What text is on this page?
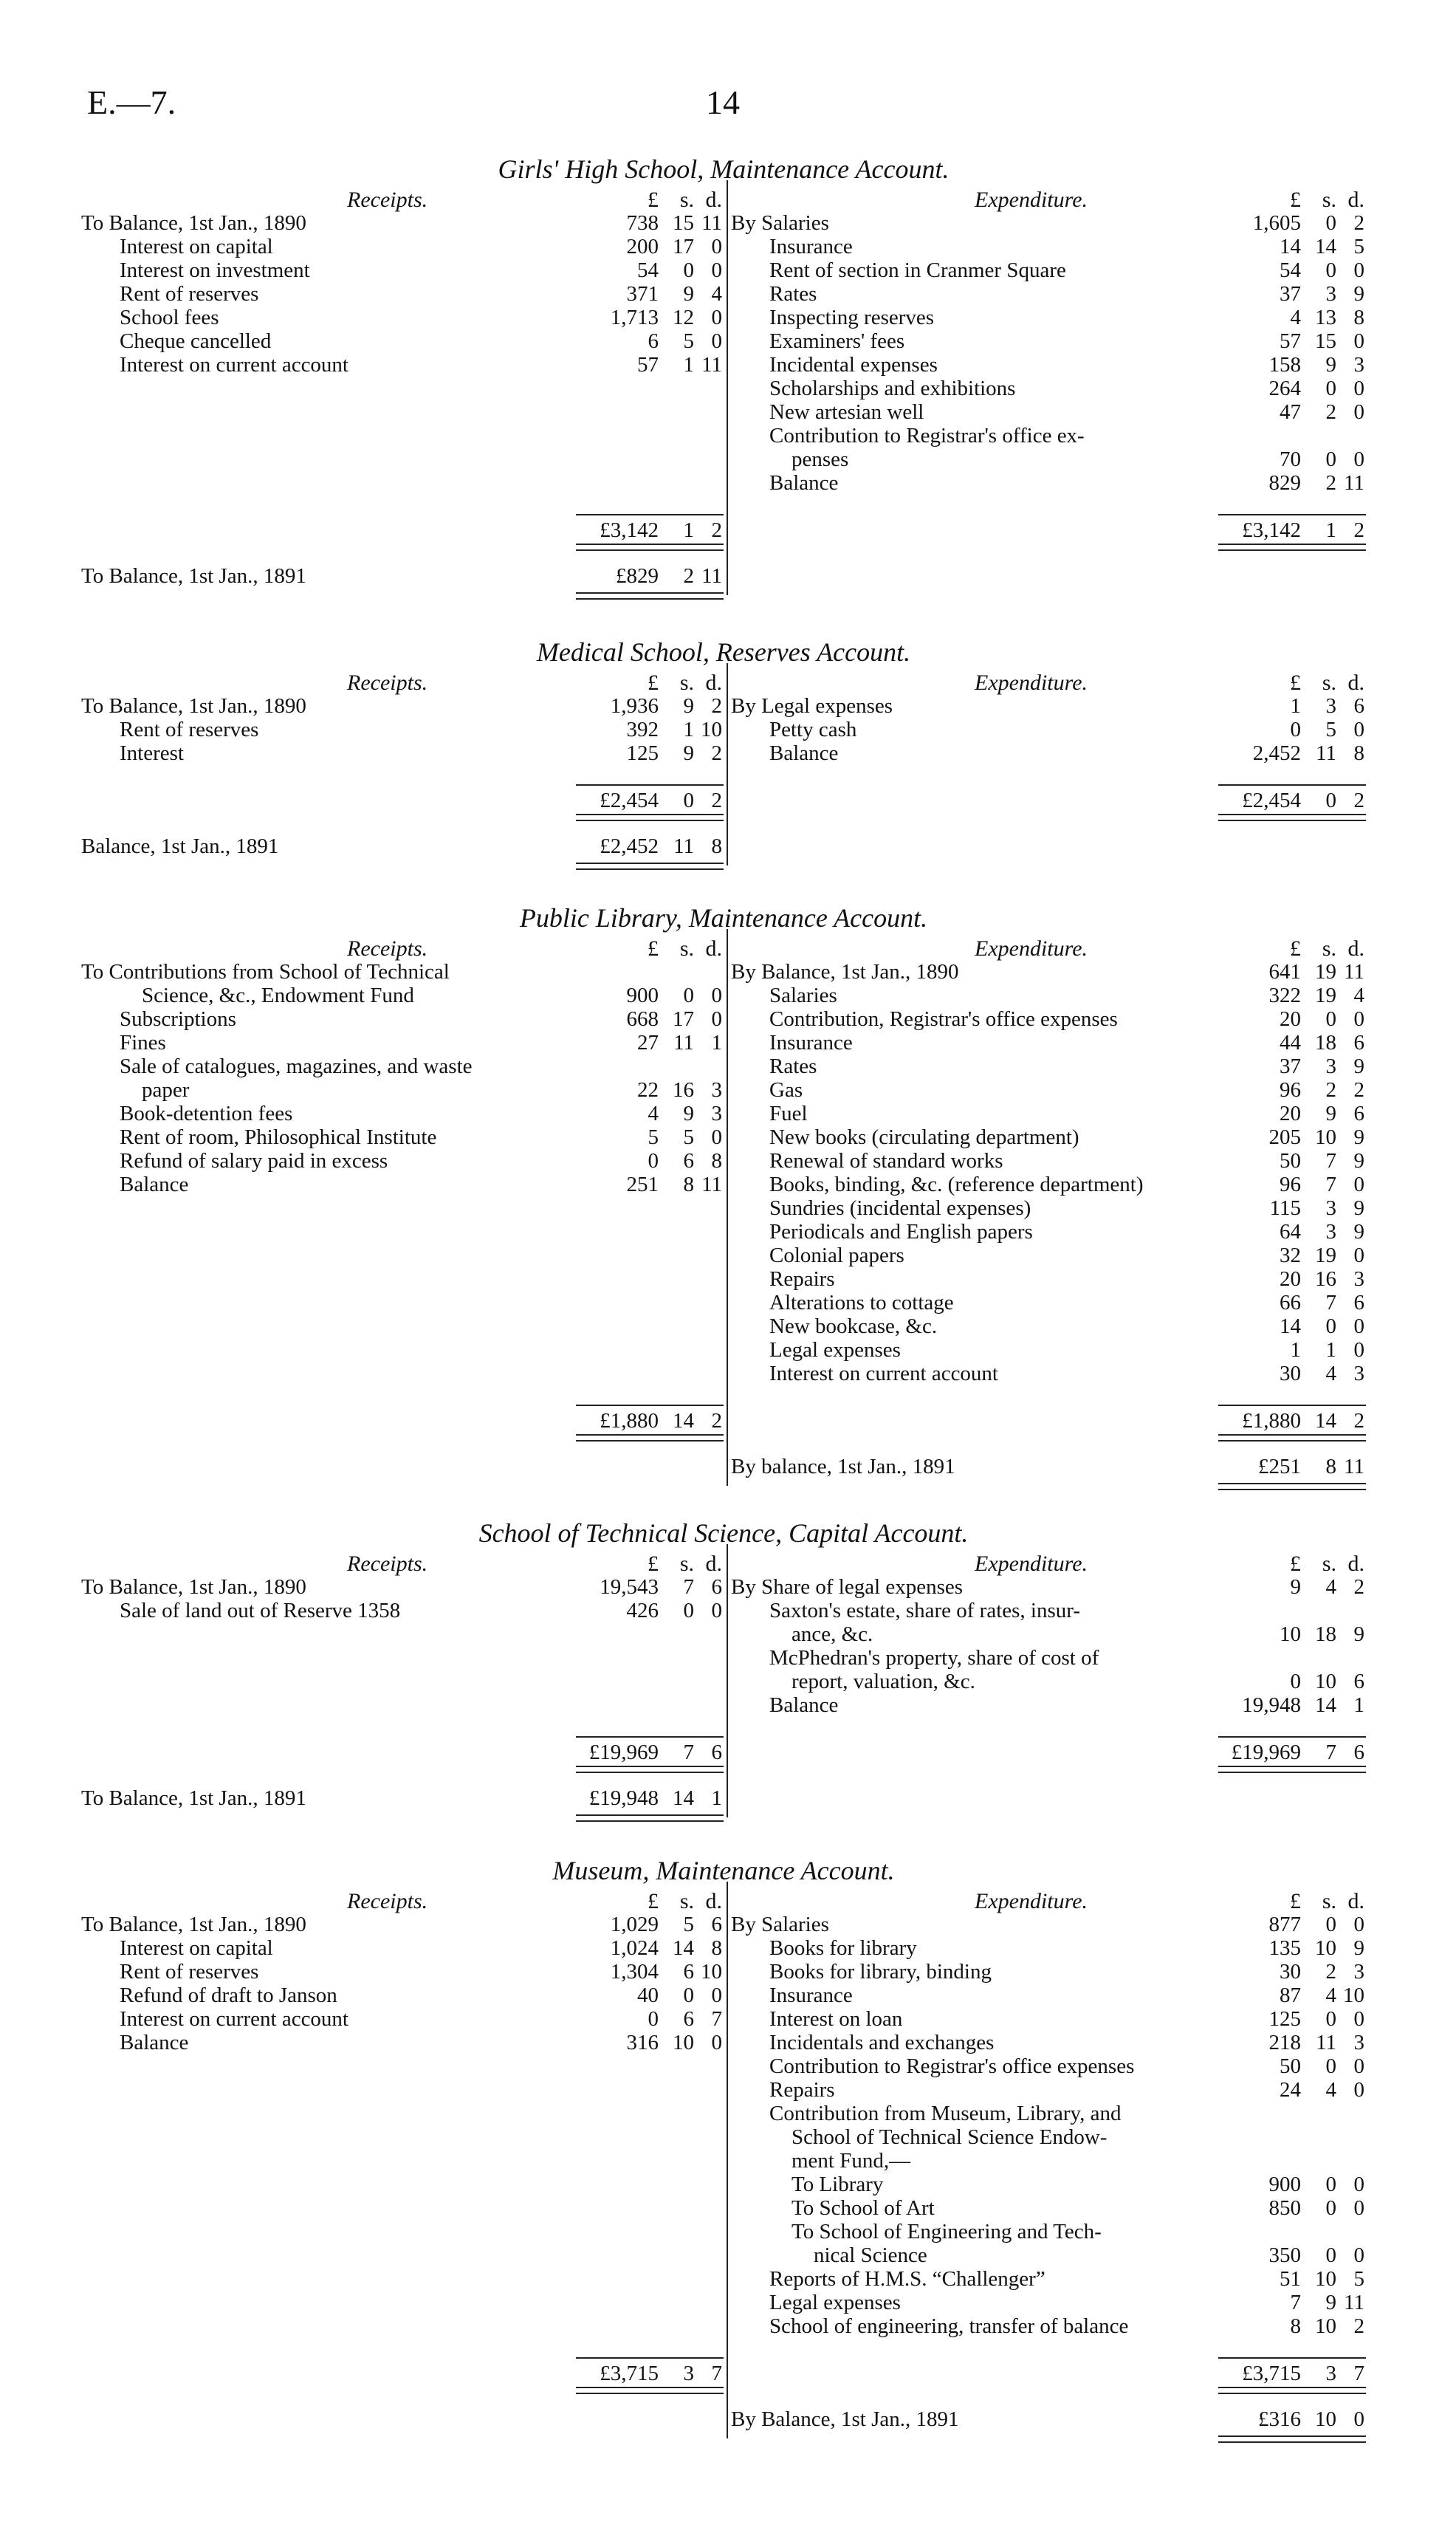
E.—7.	14
Girls' High School, Maintenance Account.
Receipts.	£ s. d.
To Balance, 1st Jan., 1890	738 15 11
Interest on capital	200 17 0
Interest on investment	54 0 0
Rent of reserves	371 9 4
School fees	1,713 12 0
Cheque cancelled	6 5 0
Interest on current account	57 1 11
£3,142 1 2
Expenditure.	£ s. d.
By Salaries	1,605 0 2
Insurance	14 14 5
Rent of section in Cranmer Square	54 0 0
Rates	37 3 9
Inspecting reserves	4 13 8
Examiners' fees	57 15 0
Incidental expenses	158 9 3
Scholarships and exhibitions	264 0 0
New artesian well	47 2 0
Contribution to Registrar's office ex-
penses	70 0 0
Balance	829 2 11
£3,142 1 2
To Balance, 1st Jan., 1891	£829 2 11
Medical School, Reserves Account.
Receipts.	£ s. d.
To Balance, 1st Jan., 1890	1,936 9 2
Rent of reserves	392 1 10
Interest	125 9 2
£2,454 0 2
Expenditure.	£ s. d.
By Legal expenses	1 3 6
Petty cash	0 5 0
Balance	2,452 11 8
£2,454 0 2
Balance, 1st Jan., 1891	£2,452 11 8
Public Library, Maintenance Account.
Receipts.	£ s. d.
To Contributions from School of Technical
Science, &c., Endowment Fund	900 0 0
Subscriptions	668 17 0
Fines	27 11 1
Sale of catalogues, magazines, and waste
paper	22 16 3
Book-detention fees	4 9 3
Rent of room, Philosophical Institute	5 5 0
Refund of salary paid in excess	0 6 8
Balance	251 8 11
£1,880 14 2
Expenditure.	£ s. d.
By Balance, 1st Jan., 1890	641 19 11
Salaries	322 19 4
Contribution, Registrar's office expenses	20 0 0
Insurance	44 18 6
Rates	37 3 9
Gas	96 2 2
Fuel	20 9 6
New books (circulating department)	205 10 9
Renewal of standard works	50 7 9
Books, binding, &c. (reference department)	96 7 0
Sundries (incidental expenses)	115 3 9
Periodicals and English papers	64 3 9
Colonial papers	32 19 0
Repairs	20 16 3
Alterations to cottage	66 7 6
New bookcase, &c.	14 0 0
Legal expenses	1 1 0
Interest on current account	30 4 3
£1,880 14 2
By balance, 1st Jan., 1891	£251 8 11
School of Technical Science, Capital Account.
Receipts.	£ s. d.
To Balance, 1st Jan., 1890	19,543 7 6
Sale of land out of Reserve 1358	426 0 0
£19,969 7 6
Expenditure.	£ s. d.
By Share of legal expenses	9 4 2
Saxton's estate, share of rates, insur-
ance, &c.	10 18 9
McPhedran's property, share of cost of
report, valuation, &c.	0 10 6
Balance	19,948 14 1
£19,969 7 6
To Balance, 1st Jan., 1891	£19,948 14 1
Museum, Maintenance Account.
Receipts.	£ s. d.
To Balance, 1st Jan., 1890	1,029 5 6
Interest on capital	1,024 14 8
Rent of reserves	1,304 6 10
Refund of draft to Janson	40 0 0
Interest on current account	0 6 7
Balance	316 10 0
£3,715 3 7
Expenditure.	£ s. d.
By Salaries	877 0 0
Books for library	135 10 9
Books for library, binding	30 2 3
Insurance	87 4 10
Interest on loan	125 0 0
Incidentals and exchanges	218 11 3
Contribution to Registrar's office expenses	50 0 0
Repairs	24 4 0
Contribution from Museum, Library, and
School of Technical Science Endow-
ment Fund,—
To Library	900 0 0
To School of Art	850 0 0
To School of Engineering and Tech-
nical Science	350 0 0
Reports of H.M.S. “Challenger”	51 10 5
Legal expenses	7 9 11
School of engineering, transfer of balance	8 10 2
£3,715 3 7
By Balance, 1st Jan., 1891	£316 10 0
